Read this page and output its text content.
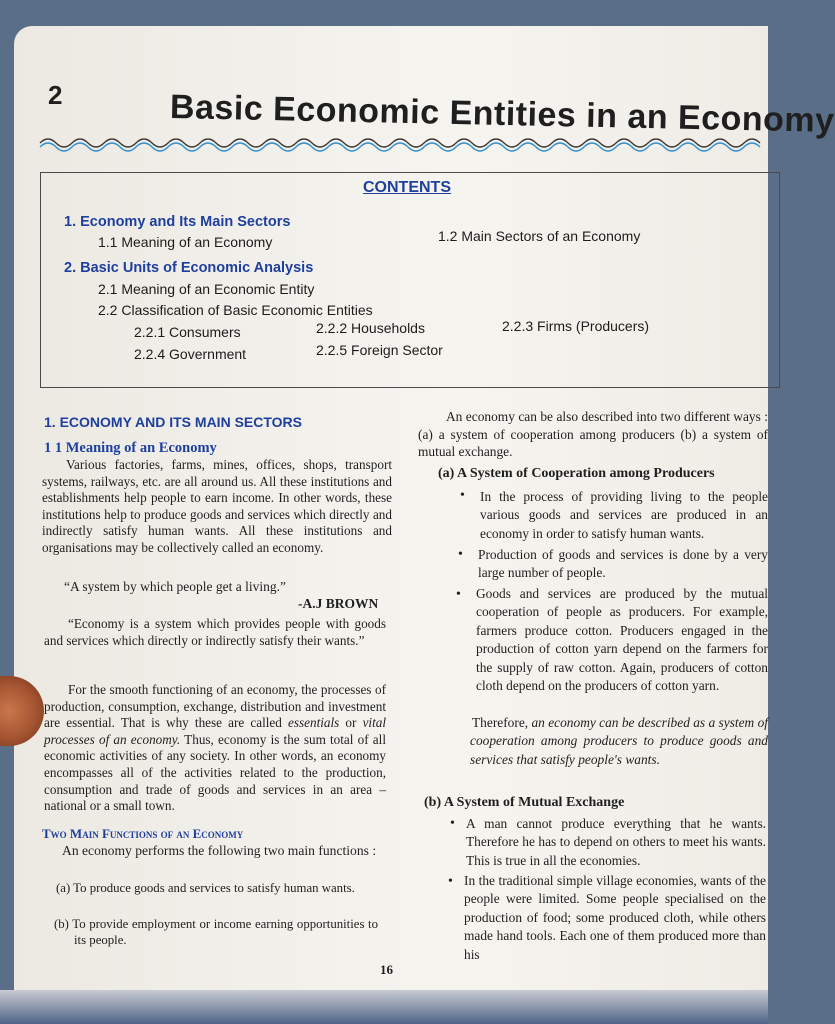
2	Basic Economic Entities in an Economy
CONTENTS
1. Economy and Its Main Sectors
1.1 Meaning of an Economy	1.2 Main Sectors of an Economy
2. Basic Units of Economic Analysis
2.1 Meaning of an Economic Entity
2.2 Classification of Basic Economic Entities
2.2.1 Consumers	2.2.2 Households	2.2.3 Firms (Producers)
2.2.4 Government	2.2.5 Foreign Sector
1. ECONOMY AND ITS MAIN SECTORS
1 1 Meaning of an Economy
Various factories, farms, mines, offices, shops, transport systems, railways, etc. are all around us. All these institutions and establishments help people to earn income. In other words, these institutions help to produce goods and services which directly and indirectly satisfy human wants. All these institutions and organisations may be collectively called an economy.
“A system by which people get a living.”
-A.J BROWN
“Economy is a system which provides people with goods and services which directly or indirectly satisfy their wants.”
For the smooth functioning of an economy, the processes of production, consumption, exchange, distribution and investment are essential. That is why these are called essentials or vital processes of an economy. Thus, economy is the sum total of all economic activities of any society. In other words, an economy encompasses all of the activities related to the production, consumption and trade of goods and services in an area – national or a small town.
Two Main Functions of an Economy
An economy performs the following two main functions :
(a) To produce goods and services to satisfy human wants.
(b) To provide employment or income earning opportunities to its people.
An economy can be also described into two different ways : (a) a system of cooperation among producers (b) a system of mutual exchange.
(a) A System of Cooperation among Producers
• In the process of providing living to the people various goods and services are produced in an economy in order to satisfy human wants.
• Production of goods and services is done by a very large number of people.
• Goods and services are produced by the mutual cooperation of people as producers. For example, farmers produce cotton. Producers engaged in the production of cotton yarn depend on the farmers for the supply of raw cotton. Again, producers of cotton cloth depend on the producers of cotton yarn.
Therefore, an economy can be described as a system of cooperation among producers to produce goods and services that satisfy people's wants.
(b) A System of Mutual Exchange
• A man cannot produce everything that he wants. Therefore he has to depend on others to meet his wants. This is true in all the economies.
• In the traditional simple village economies, wants of the people were limited. Some people specialised on the production of food; some produced cloth, while others made hand tools. Each one of them produced more than his
16
